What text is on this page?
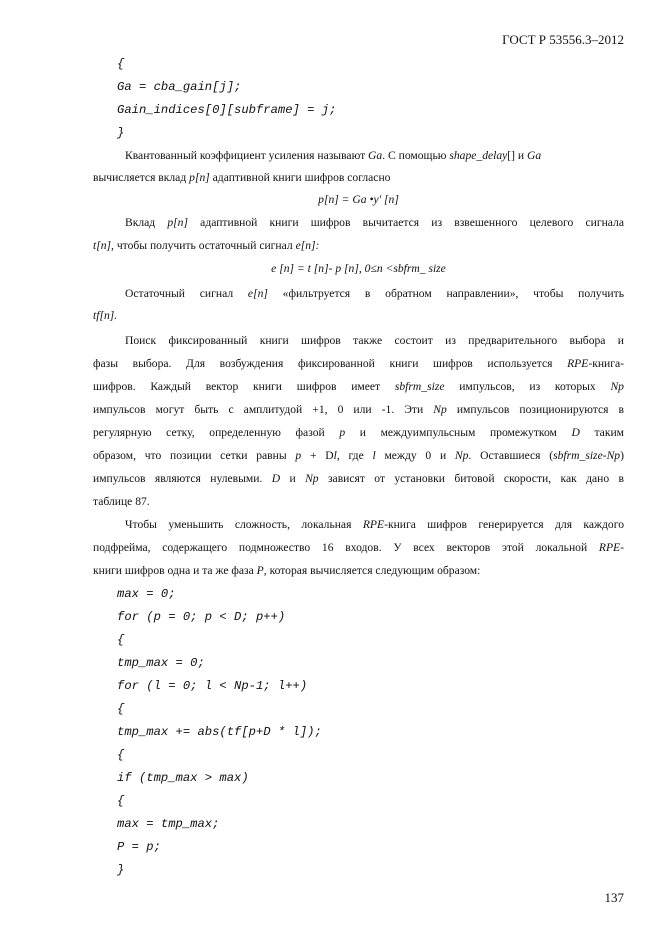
ГОСТ Р 53556.3–2012
{
Ga = cba_gain[j];
Gain_indices[0][subframe] = j;
}
Квантованный коэффициент усиления называют Ga. С помощью shape_delay[] и Ga
вычисляется вклад p[n] адаптивной книги шифров согласно
p[n] = Ga •y' [n]
Вклад p[n] адаптивной книги шифров вычитается из взвешенного целевого сигнала
t[n], чтобы получить остаточный сигнал e[n]:
e [n] = t [n]- p [n], 0≤n <sbfrm_ size
Остаточный сигнал e[n] «фильтруется в обратном направлении», чтобы получить
tf[n].
Поиск фиксированный книги шифров также состоит из предварительного выбора и
фазы выбора. Для возбуждения фиксированной книги шифров используется RPE-книга-
шифров. Каждый вектор книги шифров имеет sbfrm_size импульсов, из которых Np
импульсов могут быть с амплитудой +1, 0 или -1. Эти Np импульсов позиционируются в
регулярную сетку, определенную фазой p и междуимпульсным промежутком D таким
образом, что позиции сетки равны p + Dl, где l между 0 и Np. Оставшиеся (sbfrm_size-Np)
импульсов являются нулевыми. D и Np зависят от установки битовой скорости, как дано в
таблице 87.
Чтобы уменьшить сложность, локальная RPE-книга шифров генерируется для каждого
подфрейма, содержащего подмножество 16 входов. У всех векторов этой локальной RPE-
книги шифров одна и та же фаза P, которая вычисляется следующим образом:
max = 0;
for (p = 0; p < D; p++)
{
tmp_max = 0;
for (l = 0; l < Np-1; l++)
{
tmp_max += abs(tf[p+D * l]);
{
if (tmp_max > max)
{
max = tmp_max;
P = p;
}
137
